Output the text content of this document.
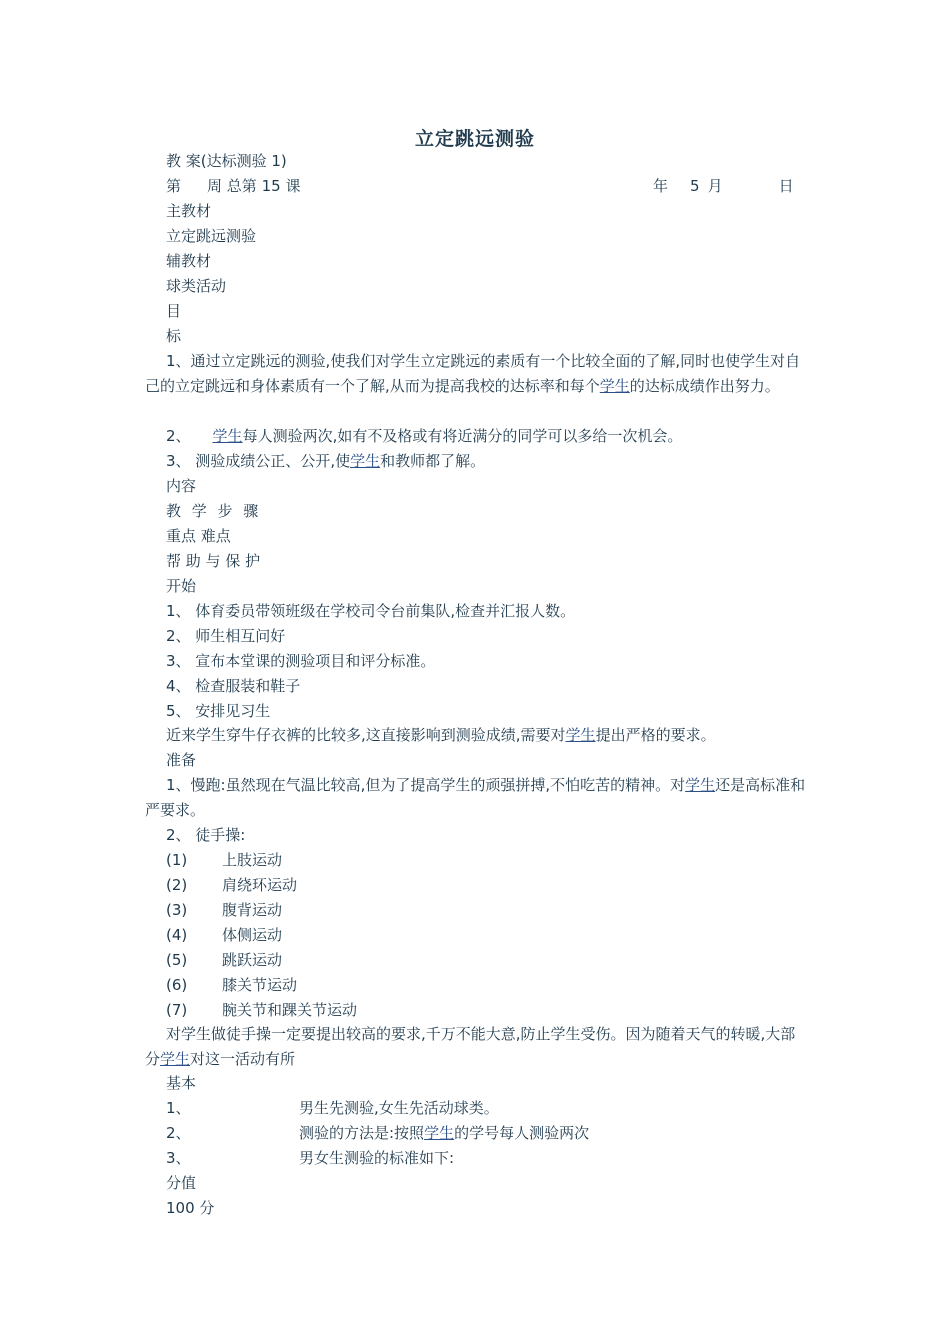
立定跳远测验
教 案(达标测验 1)
第 周 总第 15 课	年 5 月	日
主教材
立定跳远测验
辅教材
球类活动
目
标
1、通过立定跳远的测验,使我们对学生立定跳远的素质有一个比较全面的了解,同时也使学生对自己的立定跳远和身体素质有一个了解,从而为提高我校的达标率和每个学生的达标成绩作出努力。
2、 学生每人测验两次,如有不及格或有将近满分的同学可以多给一次机会。
3、 测验成绩公正、公开,使学生和教师都了解。
内容
教 学 步 骤
重点 难点
帮 助 与 保 护
开始
1、 体育委员带领班级在学校司令台前集队,检查并汇报人数。
2、 师生相互问好
3、 宣布本堂课的测验项目和评分标准。
4、 检查服装和鞋子
5、 安排见习生
近来学生穿牛仔衣裤的比较多,这直接影响到测验成绩,需要对学生提出严格的要求。
准备
1、慢跑:虽然现在气温比较高,但为了提高学生的顽强拼搏,不怕吃苦的精神。对学生还是高标准和严要求。
2、 徒手操:
(1) 上肢运动
(2) 肩绕环运动
(3) 腹背运动
(4) 体侧运动
(5) 跳跃运动
(6) 膝关节运动
(7) 腕关节和踝关节运动
对学生做徒手操一定要提出较高的要求,千万不能大意,防止学生受伤。因为随着天气的转暖,大部分学生对这一活动有所
基本
1、	男生先测验,女生先活动球类。
2、	测验的方法是:按照学生的学号每人测验两次
3、	男女生测验的标准如下:
分值
100 分
